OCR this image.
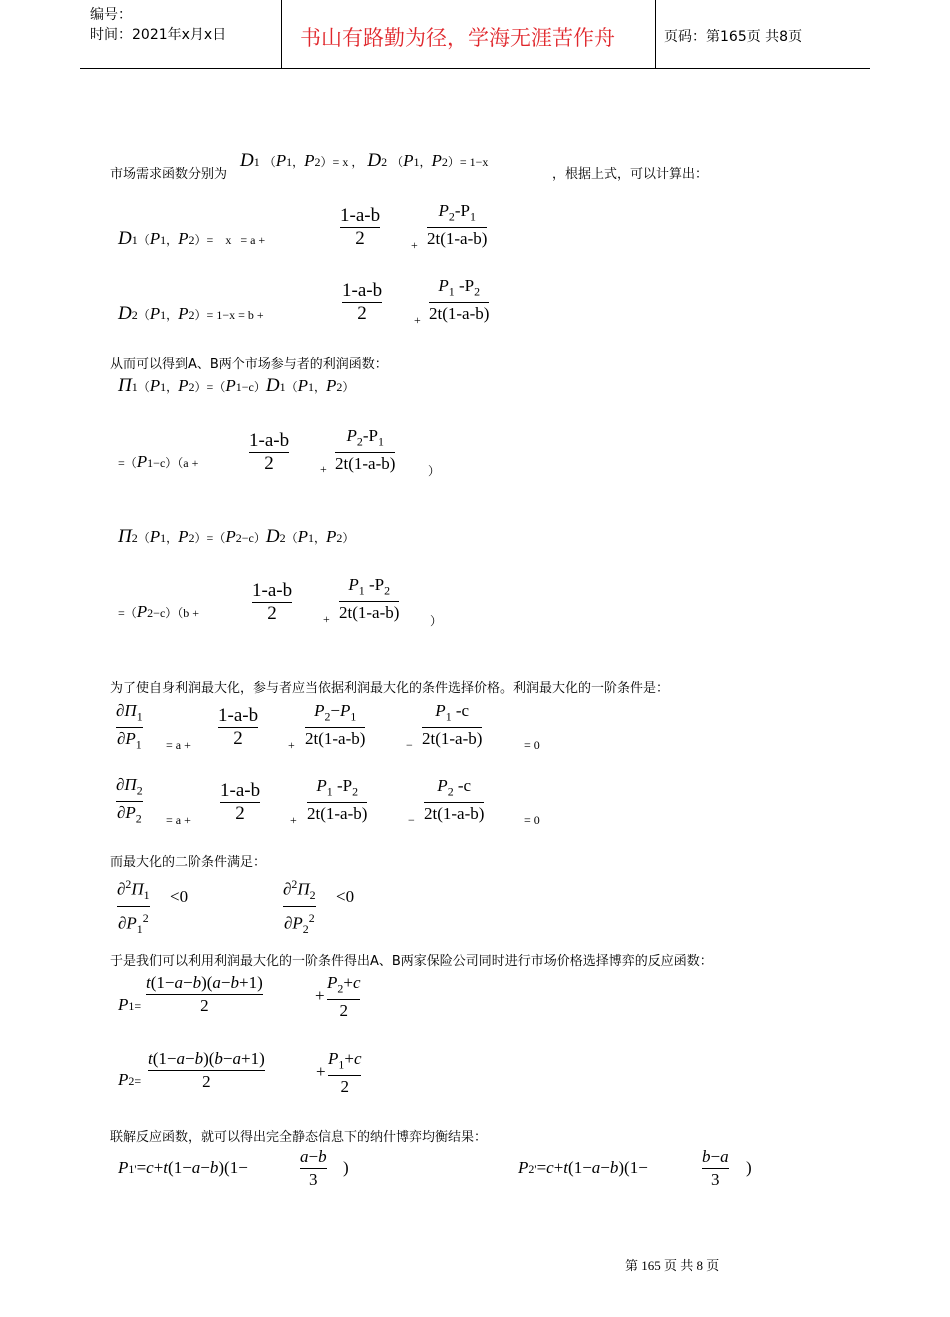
编号：
时间：2021年x月x日	书山有路勤为径，学海无涯苦作舟	页码：第165页 共8页
市场需求函数分别为
D1 （P1，P2）= x ， D2 （P1，P2）= 1−x
，根据上式，可以计算出：
D1（P1，P2）=    x   = a +
1-a-b
2	+
$P_2-P_1$
2t(1-a-b)
D2（P1，P2）= 1−x = b +
1-a-b
2	+
$P_1$ $-P_2$
2t(1-a-b)
从而可以得到A、B两个市场参与者的利润函数：
Π1（P1，P2）=（P1−c）D1（P1，P2）
=（P1−c）（a +
1-a-b
2	+
$P_2-P_1$
2t(1-a-b)	）
Π2（P1，P2）=（P2−c）D2（P1，P2）
=（P2−c）（b +
1-a-b
2	+
$P_1$ $-P_2$
2t(1-a-b)	）
为了使自身利润最大化，参与者应当依据利润最大化的条件选择价格。利润最大化的一阶条件是：
$\partial\Pi_1$
$\partial P_1 = a$ +
1-a-b
2	+
$P_2-P_1$
2t(1-a-b)	−
$P_1$ -c
2t(1-a-b)	= 0
$\partial\Pi_2$
$\partial P_2 = a$ +
1-a-b
2	+
$P_1$ $-P_2$
2t(1-a-b)	−
$P_2$ -c
2t(1-a-b)	= 0
而最大化的二阶条件满足：
$\partial^2\Pi_1$
$\partial P_1^2$
<0	$\partial^2\Pi_2$
$\partial P_2^2$
<0
于是我们可以利用利润最大化的一阶条件得出A、B两家保险公司同时进行市场价格选择博弈的反应函数：
P1=
t(1−a−b)(a−b+1)
2
+
$P_2+c$
2
P2=
t(1−a−b)(b−a+1)
2
+
$P_1+c$
2
联解反应函数，就可以得出完全静态信息下的纳什博弈均衡结果：
P1'=c+t(1−a−b)(1−
a−b
3
)	P2'=c+t(1−a−b)(1−
b−a
3
)
第 165 页 共 8 页
